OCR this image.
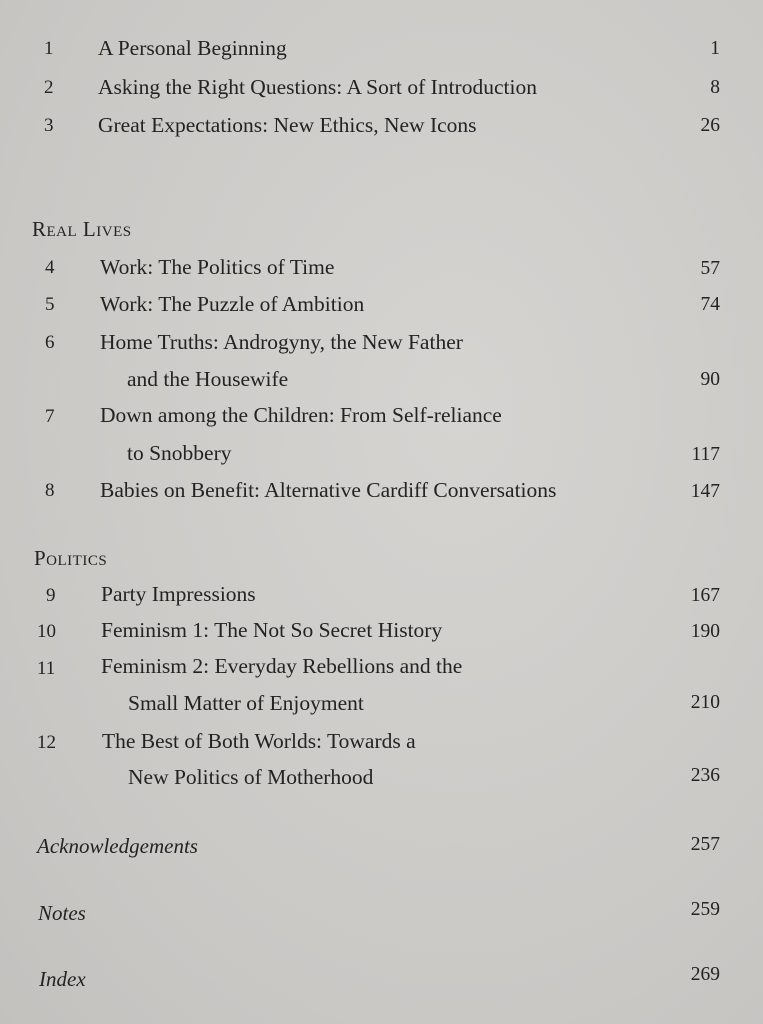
1 A Personal Beginning	1
2 Asking the Right Questions: A Sort of Introduction	8
3 Great Expectations: New Ethics, New Icons	26
Real Lives
4 Work: The Politics of Time	57
5 Work: The Puzzle of Ambition	74
6 Home Truths: Androgyny, the New Father
and the Housewife	90
7 Down among the Children: From Self-reliance
to Snobbery	117
8 Babies on Benefit: Alternative Cardiff Conversations	147
Politics
9 Party Impressions	167
10 Feminism 1: The Not So Secret History	190
11 Feminism 2: Everyday Rebellions and the
Small Matter of Enjoyment	210
12 The Best of Both Worlds: Towards a
New Politics of Motherhood	236
Acknowledgements	257
Notes	259
Index	269
